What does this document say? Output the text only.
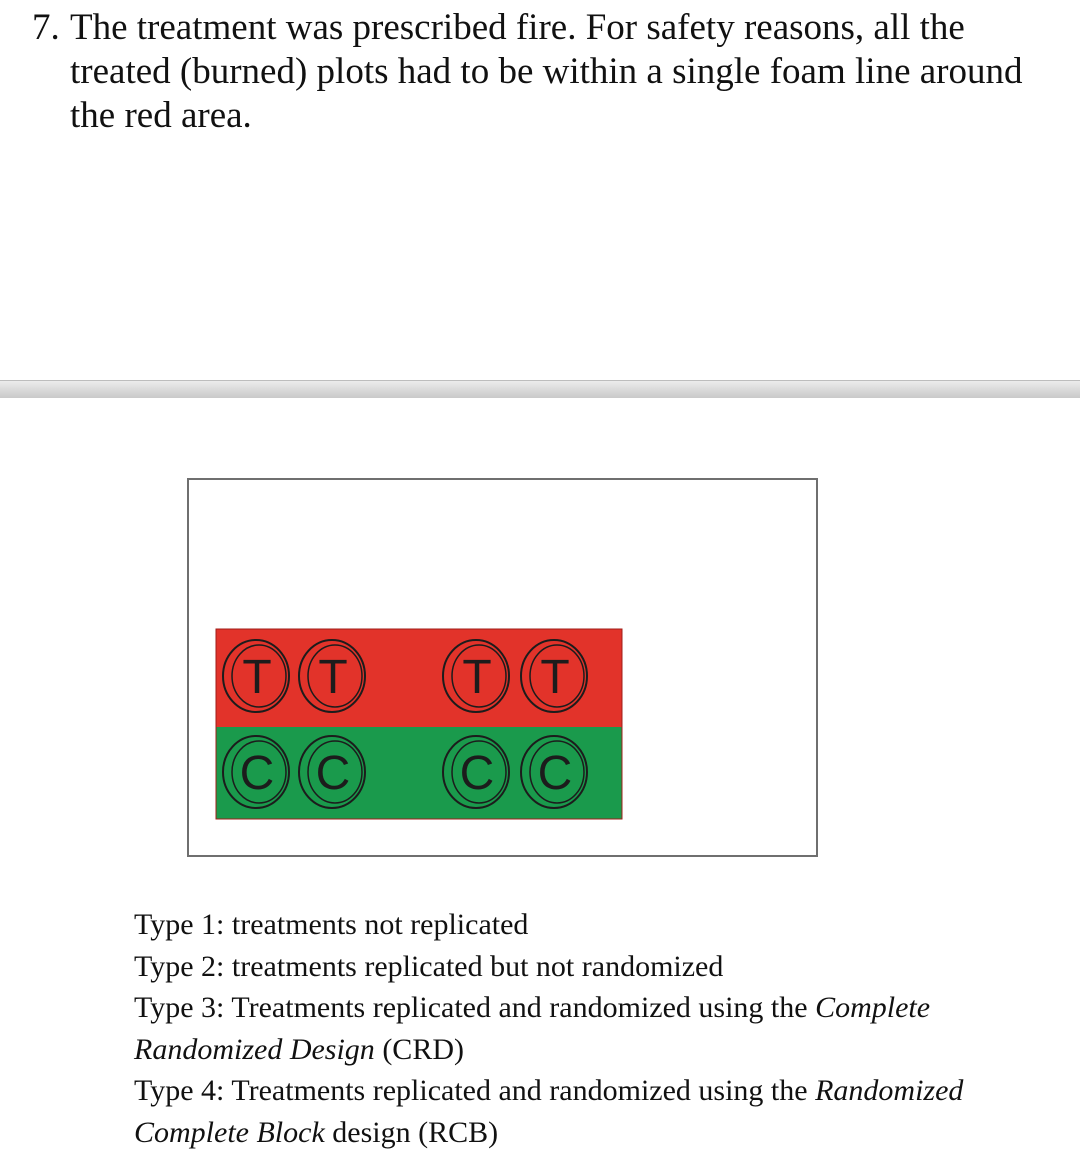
7. The treatment was prescribed fire. For safety reasons, all the
treated (burned) plots had to be within a single foam line around
the red area.
T T T T
C C C C
Type 1: treatments not replicated
Type 2: treatments replicated but not randomized
Type 3: Treatments replicated and randomized using the Complete
Randomized Design (CRD)
Type 4: Treatments replicated and randomized using the Randomized
Complete Block design (RCB)
